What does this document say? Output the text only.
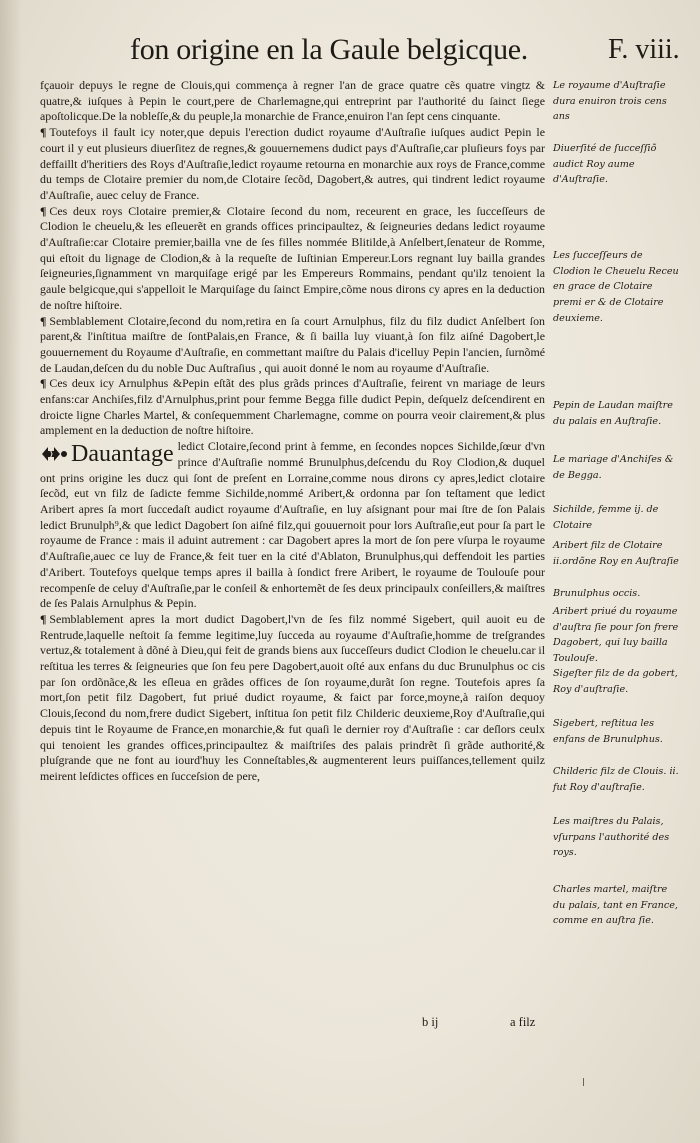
fon origine en la Gaule belgicque.	F. viii.

fçauoir depuys le regne de Clouis,qui commença à regner l'an de grace quatre cẽs quatre vingtz & quatre,& iuſques à Pepin le court,pere de Charlemagne,qui entreprint par l'authorité du ſainct ſiege apoſtolicque.De la nobleſſe,& du peuple,la monarchie de France,enuiron l'an ſept cens cinquante.

¶ Toutefoys il fault icy noter,que depuis l'erection dudict royaume d'Auſtraſie iuſques audict Pepin le court il y eut plusieurs diuerſitez de regnes,& gouuernemens dudict pays d'Auſtraſie,car pluſieurs foys par deffaillt d'heritiers des Roys d'Auſtraſie,ledict royaume retourna en monarchie aux roys de France,comme du temps de Clotaire premier du nom,de Clotaire ſecõd, Dagobert,& autres, qui tindrent ledict royaume d'Auſtraſie, auec celuy de France.

¶ Ces deux roys Clotaire premier,& Clotaire ſecond du nom, receurent en grace, les ſucceſſeurs de Clodion le cheuelu,& les eſleuerẽt en grands offices principaultez, & ſeigneuries dedans ledict royaume d'Auſtraſie:car Clotaire premier,bailla vne de ſes filles nommée Blitilde,à Anſelbert,ſenateur de Romme, qui eſtoit du lignage de Clodion,& à la requeſte de Iuſtinian Empereur.Lors regnant luy bailla grandes ſeigneuries,ſignamment vn marquiſage erigé par les Empereurs Rommains, pendant qu'ilz tenoient la gaule belgicque,qui s'appelloit le Marquiſage du ſainct Empire,cõme nous dirons cy apres en la deduction de noſtre hiſtoire.

¶ Semblablement Clotaire,ſecond du nom,retira en ſa court Arnulphus, filz du filz dudict Anſelbert ſon parent,& l'inſtitua maiſtre de ſontPalais,en France, & ſi bailla luy viuant,à ſon filz aiſné Dagobert,le gouuernement du Royaume d'Auſtraſie, en commettant maiſtre du Palais d'icelluy Pepin l'ancien, ſurnõmé de Laudan,deſcen du du noble Duc Auſtraſius , qui auoit donné le nom au royaume d'Auſtraſie.

¶ Ces deux icy Arnulphus &Pepin eſtãt des plus grãds princes d'Auſtraſie, feirent vn mariage de leurs enfans:car Anchiſes,filz d'Arnulphus,print pour femme Begga fille dudict Pepin, deſquelz deſcendirent en droicte ligne Charles Martel, & conſequemment Charlemagne, comme on pourra veoir clairement,& plus amplement en la deduction de noſtre hiſtoire.

Dauantage ledict Clotaire,ſecond print à femme, en ſecondes nopces Sichilde,ſœur d'vn prince d'Auſtraſie nommé Brunulphus,deſcendu du Roy Clodion,& duquel ont prins origine les ducz qui ſont de preſent en Lorraine,comme nous dirons cy apres,ledict clotaire ſecõd, eut vn filz de ſadicte femme Sichilde,nommé Aribert,& ordonna par ſon teſtament que ledict Aribert apres ſa mort ſuccedaſt audict royaume d'Auſtraſie, en luy aſsignant pour mai ſtre de ſon Palais ledict Brunulph⁹,& que ledict Dagobert ſon aiſné filz,qui gouuernoit pour lors Auſtraſie,eut pour ſa part le royaume de France : mais il aduint autrement : car Dagobert apres la mort de ſon pere vſurpa le royaume d'Auſtraſie,auec ce luy de France,& feit tuer en la cité d'Ablaton, Brunulphus,qui deffendoit les parties d'Aribert. Toutefoys quelque temps apres il bailla à ſondict frere Aribert, le royaume de Toulouſe pour recompenſe de celuy d'Auſtraſie,par le conſeil & enhortemẽt de ſes deux principaulx conſeillers,& maiſtres de ſes Palais Arnulphus & Pepin.

¶ Semblablement apres la mort dudict Dagobert,l'vn de ſes filz nommé Sigebert, quil auoit eu de Rentrude,laquelle neſtoit ſa femme legitime,luy ſucceda au royaume d'Auſtraſie,homme de treſgrandes vertuz,& totalement à dõné à Dieu,qui feit de grands biens aux ſucceſſeurs dudict Clodion le cheuelu.car il reſtitua les terres & ſeigneuries que ſon feu pere Dagobert,auoit oſté aux enfans du duc Brunulphus oc cis par ſon ordõnãce,& les eſleua en grãdes offices de ſon royaume,durãt ſon regne. Toutefois apres ſa mort,ſon petit filz Dagobert, fut priué dudict royaume, & faict par force,moyne,à raiſon dequoy Clouis,ſecond du nom,frere dudict Sigebert, inſtitua ſon petit filz Childeric deuxieme,Roy d'Auſtraſie,qui depuis tint le Royaume de France,en monarchie,& fut quaſi le dernier roy d'Auſtraſie : car deſlors ceulx qui tenoient les grandes offices,principaultez & maiſtriſes des palais prindrẽt ſi grãde authorité,& pluſgrande que ne font au iourd'huy les Conneſtables,& augmenterent leurs puiſſances,tellement quilz meirent leſdictes offices en ſucceſsion de pere,

Le royaume d'Auſtraſie dura enuiron trois cens ans
Diuerſité de ſucceſſiõ audict Roy aume d'Auſtraſie.
Les ſucceſſeurs de Clodion le Cheuelu Receu en grace de Clotaire premi er & de Clotaire deuxieme.
Pepin de Laudan maiſtre du palais en Auſtraſie.
Le mariage d'Anchiſes & de Begga.
Sichilde, femme ij. de Clotaire
Aribert filz de Clotaire ii.ordõne Roy en Auſtraſie
Brunulphus occis.
Aribert priué du royaume d'auſtra ſie pour ſon frere Dagobert, qui luy bailla Toulouſe.
Sigeſter filz de da gobert, Roy d'auſtraſie.
Sigebert, reſtitua les enfans de Brunulphus.
Childeric filz de Clouis. ii. fut Roy d'auſtraſie.
Les maiſtres du Palais, vſurpans l'authorité des roys.
Charles martel, maiſtre du palais, tant en France, comme en auſtra ſie.
b ij	a filz
